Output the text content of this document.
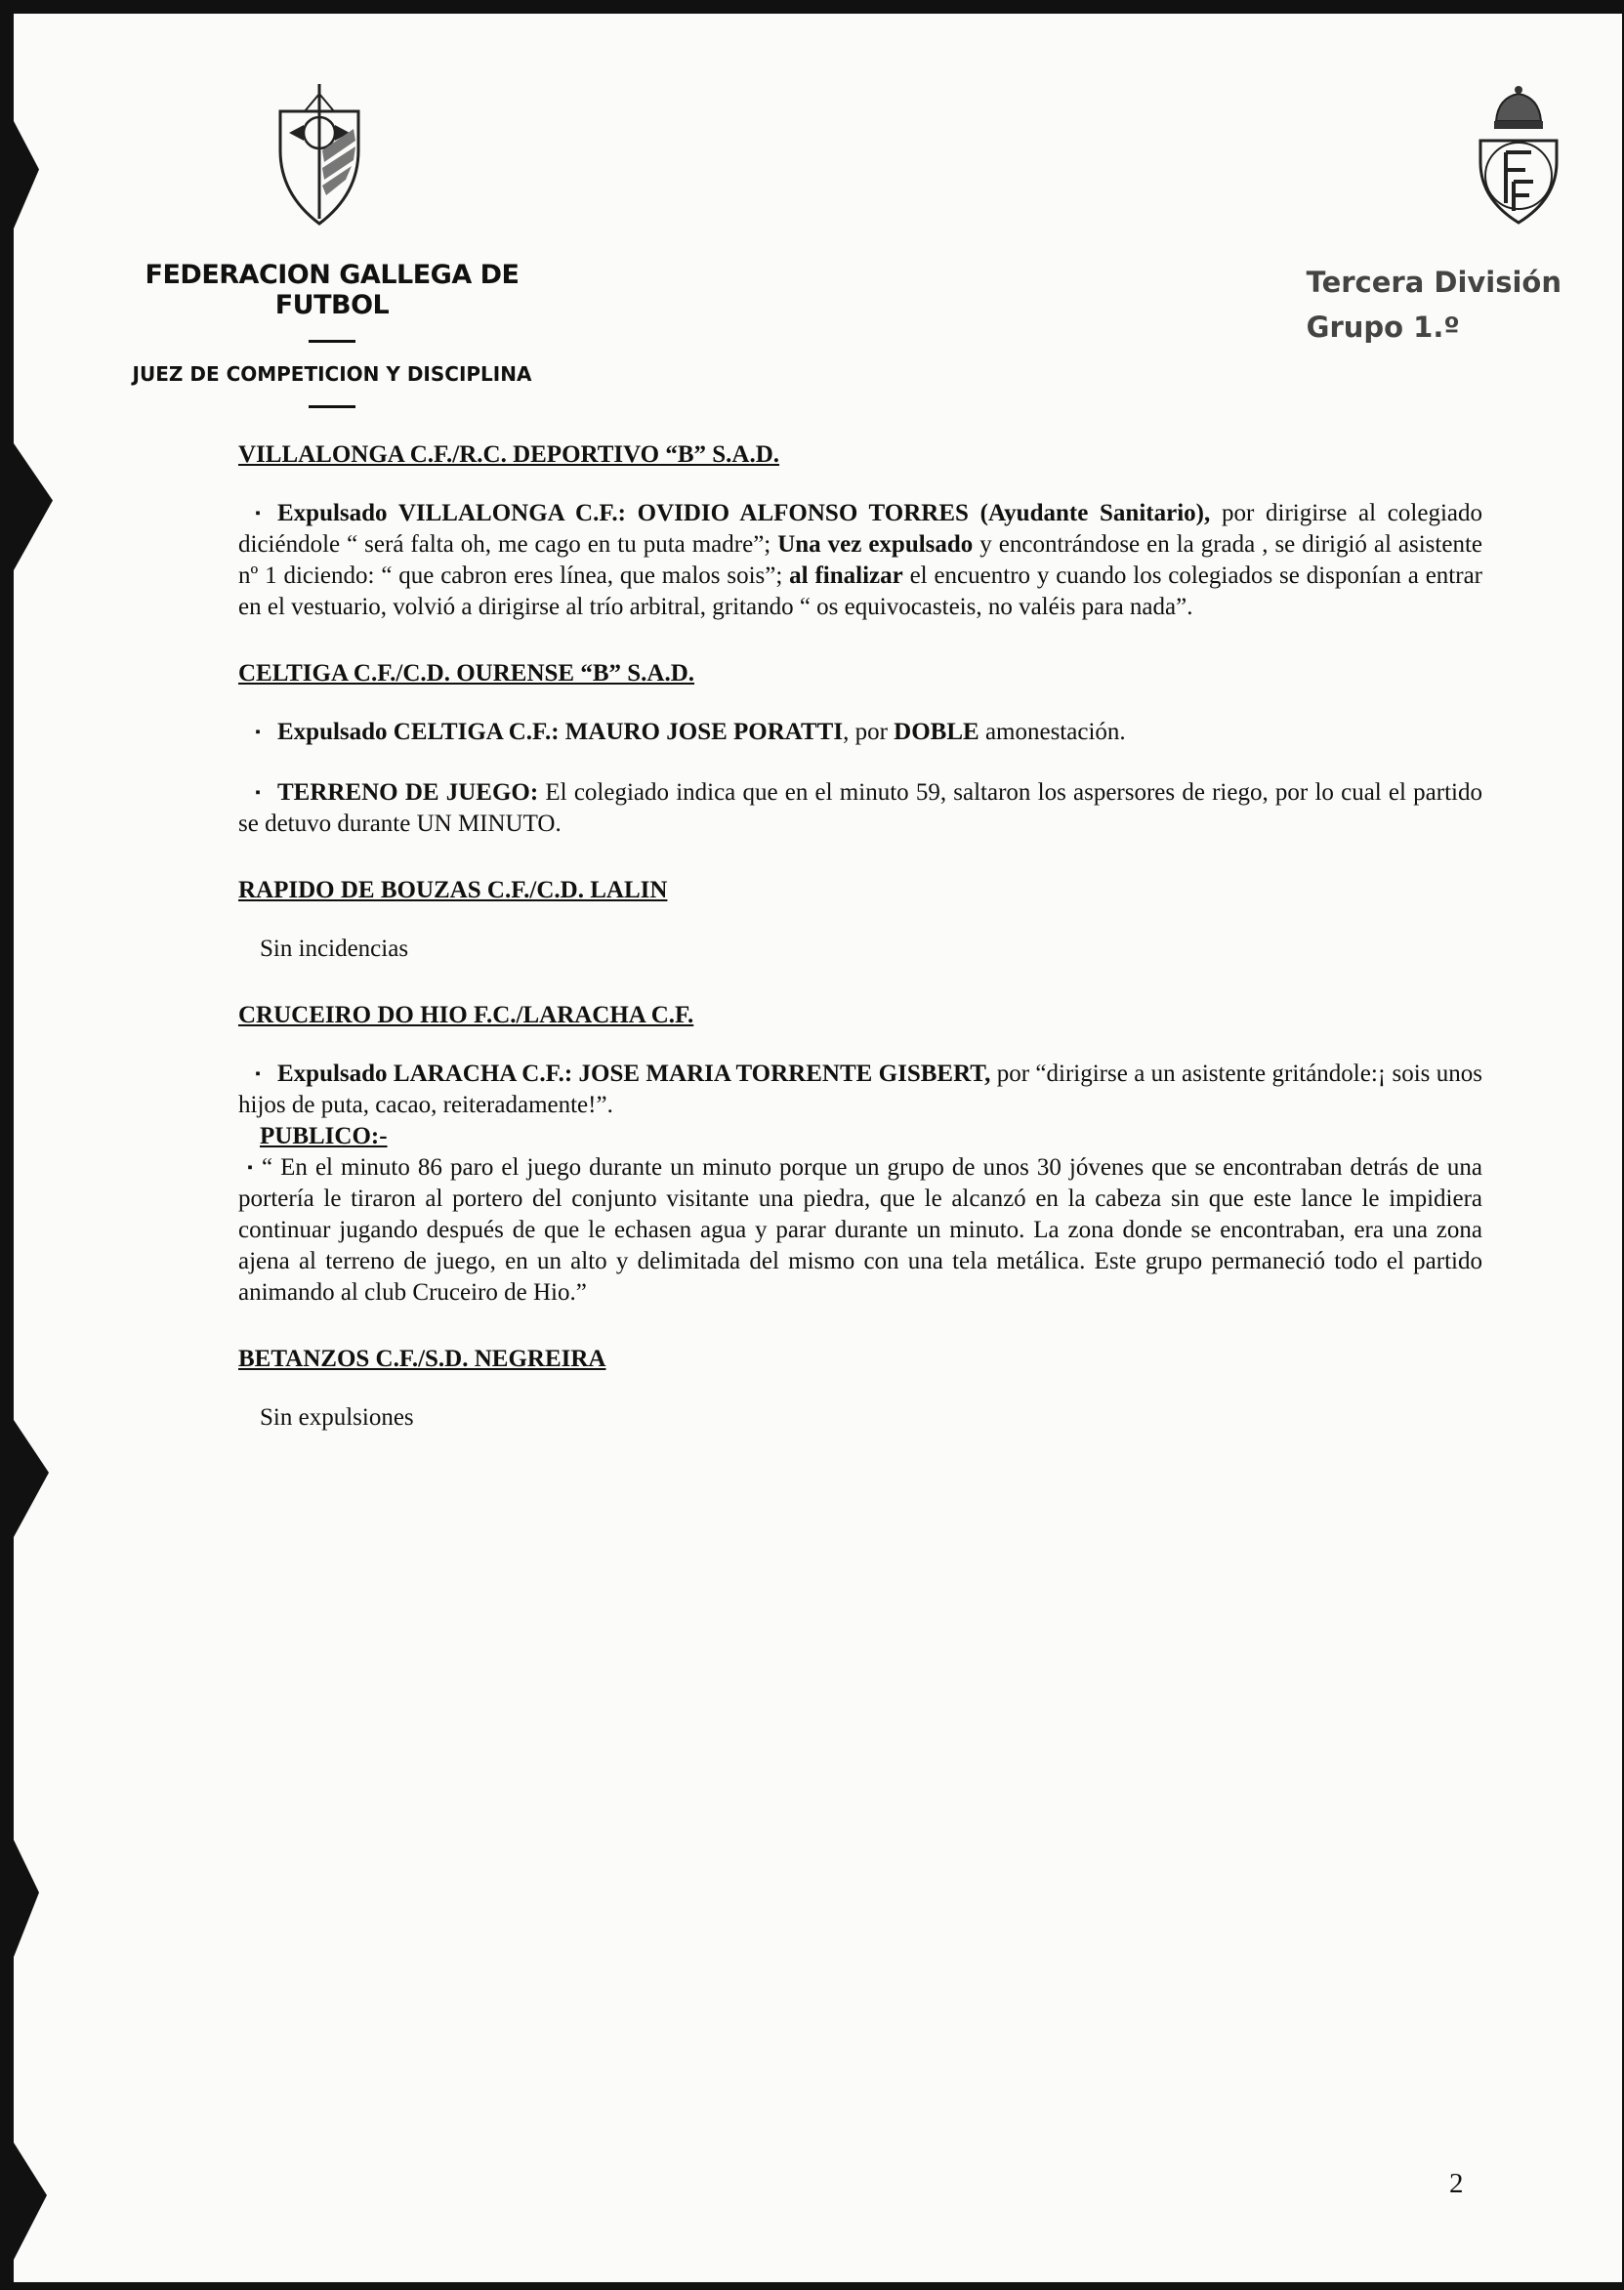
FEDERACION GALLEGA DE FUTBOL
JUEZ DE COMPETICION Y DISCIPLINA
Tercera División
Grupo 1.º
VILLALONGA C.F./R.C. DEPORTIVO “B” S.A.D.

▪ Expulsado VILLALONGA C.F.: OVIDIO ALFONSO TORRES (Ayudante Sanitario), por dirigirse al colegiado diciéndole “ será falta oh, me cago en tu puta madre”; Una vez expulsado y encontrándose en la grada , se dirigió al asistente nº 1 diciendo: “ que cabron eres línea, que malos sois”; al finalizar el encuentro y cuando los colegiados se disponían a entrar en el vestuario, volvió a dirigirse al trío arbitral, gritando “ os equivocasteis, no valéis para nada”.

CELTIGA C.F./C.D. OURENSE “B” S.A.D.

▪ Expulsado CELTIGA C.F.: MAURO JOSE PORATTI, por DOBLE amonestación.

▪ TERRENO DE JUEGO: El colegiado indica que en el minuto 59, saltaron los aspersores de riego, por lo cual el partido se detuvo durante UN MINUTO.

RAPIDO DE BOUZAS C.F./C.D. LALIN

Sin incidencias

CRUCEIRO DO HIO F.C./LARACHA C.F.

▪ Expulsado LARACHA C.F.: JOSE MARIA TORRENTE GISBERT, por “dirigirse a un asistente gritándole:¡ sois unos hijos de puta, cacao, reiteradamente!”.

PUBLICO:-

▪ “ En el minuto 86 paro el juego durante un minuto porque un grupo de unos 30 jóvenes que se encontraban detrás de una portería le tiraron al portero del conjunto visitante una piedra, que le alcanzó en la cabeza sin que este lance le impidiera continuar jugando después de que le echasen agua y parar durante un minuto. La zona donde se encontraban, era una zona ajena al terreno de juego, en un alto y delimitada del mismo con una tela metálica. Este grupo permaneció todo el partido animando al club Cruceiro de Hio.”

BETANZOS C.F./S.D. NEGREIRA

Sin expulsiones

2
